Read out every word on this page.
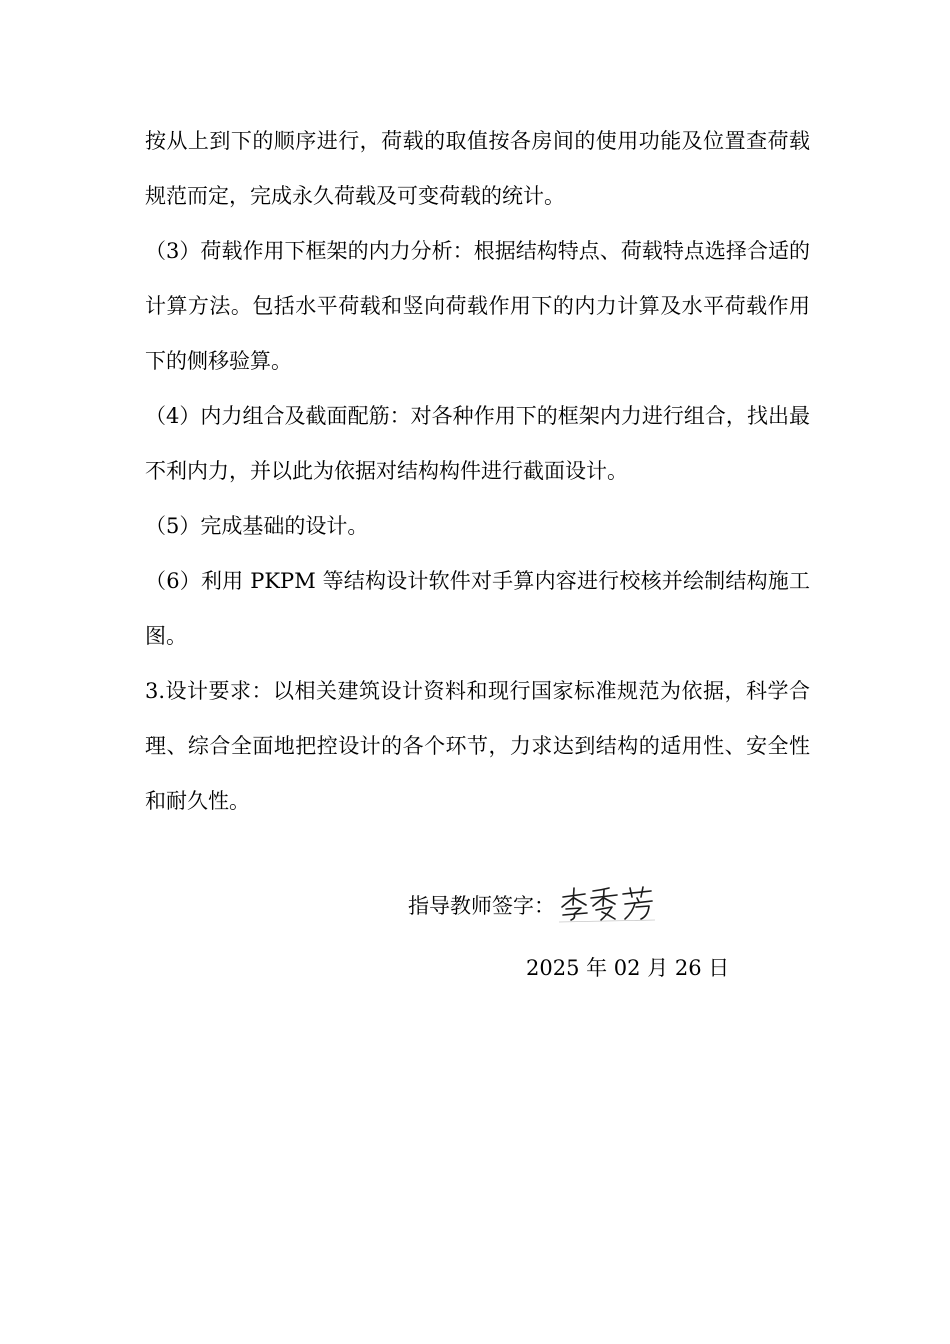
按从上到下的顺序进行，荷载的取值按各房间的使用功能及位置查荷载规范而定，完成永久荷载及可变荷载的统计。

（3）荷载作用下框架的内力分析：根据结构特点、荷载特点选择合适的计算方法。包括水平荷载和竖向荷载作用下的内力计算及水平荷载作用下的侧移验算。

（4）内力组合及截面配筋：对各种作用下的框架内力进行组合，找出最不利内力，并以此为依据对结构构件进行截面设计。

（5）完成基础的设计。

（6）利用 PKPM 等结构设计软件对手算内容进行校核并绘制结构施工图。

3.设计要求：以相关建筑设计资料和现行国家标准规范为依据，科学合理、综合全面地把控设计的各个环节，力求达到结构的适用性、安全性和耐久性。

指导教师签字：
2025 年 02 月 26 日
